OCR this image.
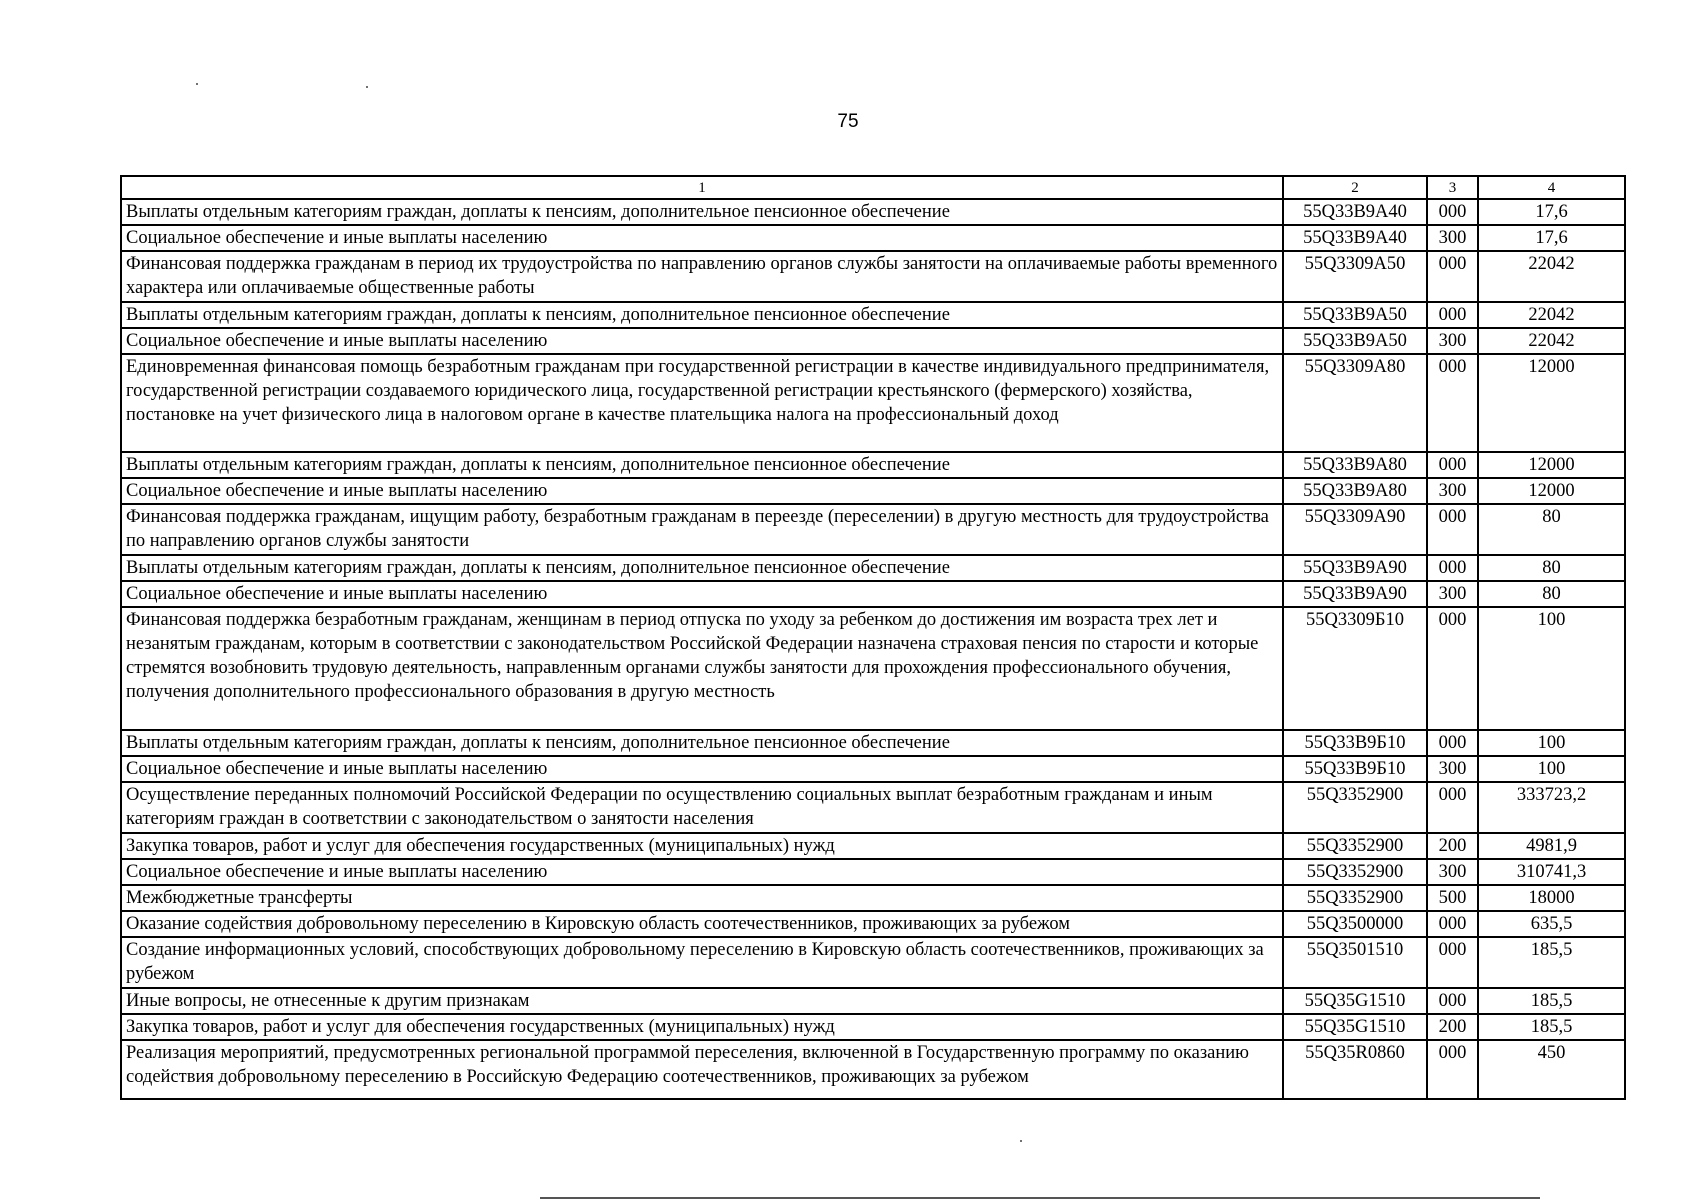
75
1	2	3	4
Выплаты отдельным категориям граждан, доплаты к пенсиям, дополнительное пенсионное обеспечение	55Q33B9A40	000	17,6
Социальное обеспечение и иные выплаты населению	55Q33B9A40	300	17,6
Финансовая поддержка гражданам в период их трудоустройства по направлению органов службы занятости на оплачиваемые работы временного характера или оплачиваемые общественные работы	55Q3309A50	000	22042
Выплаты отдельным категориям граждан, доплаты к пенсиям, дополнительное пенсионное обеспечение	55Q33B9A50	000	22042
Социальное обеспечение и иные выплаты населению	55Q33B9A50	300	22042
Единовременная финансовая помощь безработным гражданам при государственной регистрации в качестве индивидуального предпринимателя, государственной регистрации создаваемого юридического лица, государственной регистрации крестьянского (фермерского) хозяйства, постановке на учет физического лица в налоговом органе в качестве плательщика налога на профессиональный доход	55Q3309A80	000	12000
Выплаты отдельным категориям граждан, доплаты к пенсиям, дополнительное пенсионное обеспечение	55Q33B9A80	000	12000
Социальное обеспечение и иные выплаты населению	55Q33B9A80	300	12000
Финансовая поддержка гражданам, ищущим работу, безработным гражданам в переезде (переселении) в другую местность для трудоустройства по направлению органов службы занятости	55Q3309A90	000	80
Выплаты отдельным категориям граждан, доплаты к пенсиям, дополнительное пенсионное обеспечение	55Q33B9A90	000	80
Социальное обеспечение и иные выплаты населению	55Q33B9A90	300	80
Финансовая поддержка безработным гражданам, женщинам в период отпуска по уходу за ребенком до достижения им возраста трех лет и незанятым гражданам, которым в соответствии с законодательством Российской Федерации назначена страховая пенсия по старости и которые стремятся возобновить трудовую деятельность, направленным органами службы занятости для прохождения профессионального обучения, получения дополнительного профессионального образования в другую местность	55Q3309Б10	000	100
Выплаты отдельным категориям граждан, доплаты к пенсиям, дополнительное пенсионное обеспечение	55Q33B9Б10	000	100
Социальное обеспечение и иные выплаты населению	55Q33B9Б10	300	100
Осуществление переданных полномочий Российской Федерации по осуществлению социальных выплат безработным гражданам и иным категориям граждан в соответствии с законодательством о занятости населения	55Q3352900	000	333723,2
Закупка товаров, работ и услуг для обеспечения государственных (муниципальных) нужд	55Q3352900	200	4981,9
Социальное обеспечение и иные выплаты населению	55Q3352900	300	310741,3
Межбюджетные трансферты	55Q3352900	500	18000
Оказание содействия добровольному переселению в Кировскую область соотечественников, проживающих за рубежом	55Q3500000	000	635,5
Создание информационных условий, способствующих добровольному переселению в Кировскую область соотечественников, проживающих за рубежом	55Q3501510	000	185,5
Иные вопросы, не отнесенные к другим признакам	55Q35G1510	000	185,5
Закупка товаров, работ и услуг для обеспечения государственных (муниципальных) нужд	55Q35G1510	200	185,5
Реализация мероприятий, предусмотренных региональной программой переселения, включенной в Государственную программу по оказанию содействия добровольному переселению в Российскую Федерацию соотечественников, проживающих за рубежом	55Q35R0860	000	450
